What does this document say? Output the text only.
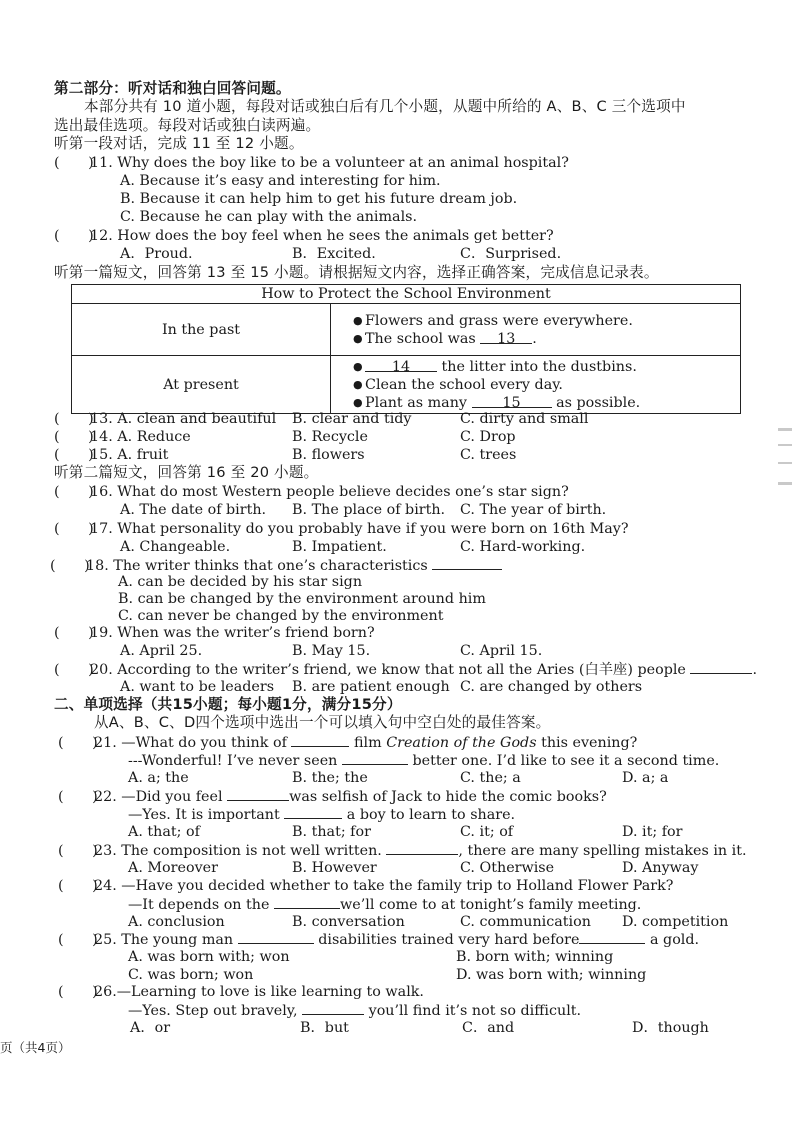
第二部分：听对话和独白回答问题。
本部分共有 10 道小题，每段对话或独白后有几个小题，从题中所给的 A、B、C 三个选项中
选出最佳选项。每段对话或独白读两遍。
听第一段对话，完成 11 至 12 小题。
(　　)11. Why does the boy like to be a volunteer at an animal hospital?
A. Because it’s easy and interesting for him.
B. Because it can help him to get his future dream job.
C. Because he can play with the animals.
(　　)12. How does the boy feel when he sees the animals get better?
A．Proud.	B．Excited.	C．Surprised.
听第一篇短文，回答第 13 至 15 小题。请根据短文内容，选择正确答案，完成信息记录表。
How to Protect the School Environment	
In the past	● Flowers and grass were everywhere.
● The school was 13 .

At present	● 14 the litter into the dustbins.
● Clean the school every day.
● Plant as many 15 as possible.
(　　)13. A. clean and beautiful B. clear and tidy	C. dirty and small
(　　)14. A. Reduce	B. Recycle	C. Drop
(　　)15. A. fruit	B. flowers	C. trees
听第二篇短文，回答第 16 至 20 小题。
(　　)16. What do most Western people believe decides one’s star sign?
A. The date of birth. B. The place of birth. C. The year of birth.
(　　)17. What personality do you probably have if you were born on 16th May?
A. Changeable.	B. Impatient.	C. Hard-working.
(　　)18. The writer thinks that one’s characteristics
A. can be decided by his star sign
B. can be changed by the environment around him
C. can never be changed by the environment
(　　)19. When was the writer’s friend born?
A. April 25.	B. May 15.	C. April 15.
(　　)20. According to the writer’s friend, we know that not all the Aries (白羊座) people	.
A. want to be leaders B. are patient enough C. are changed by others
二、单项选择（共15小题；每小题1分，满分15分）
从A、B、C、D四个选项中选出一个可以填入句中空白处的最佳答案。
(　　)21. —What do you think of	film Creation of the Gods this evening?
---Wonderful! I’ve never seen	better one. I’d like to see it a second time.
A. a; the	B. the; the	C. the; a	D. a; a
(　　)22. —Did you feel	was selfish of Jack to hide the comic books?
—Yes. It is important	a boy to learn to share.
A. that; of	B. that; for	C. it; of	D. it; for
(　　)23. The composition is not well written.	, there are many spelling mistakes in it.
A. Moreover	B. However	C. Otherwise	D. Anyway
(　　)24. —Have you decided whether to take the family trip to Holland Flower Park?
—It depends on the	we’ll come to at tonight’s family meeting.
A. conclusion	B. conversation	C. communication D. competition
(　　)25. The young man	disabilities trained very hard before	a gold.
A. was born with; won	B. born with; winning
C. was born; won	D. was born with; winning
(　　)26.—Learning to love is like learning to walk.
—Yes. Step out bravely,	you’ll find it’s not so difficult.
A．or	B．but	C．and	D．though
页（共4页）
